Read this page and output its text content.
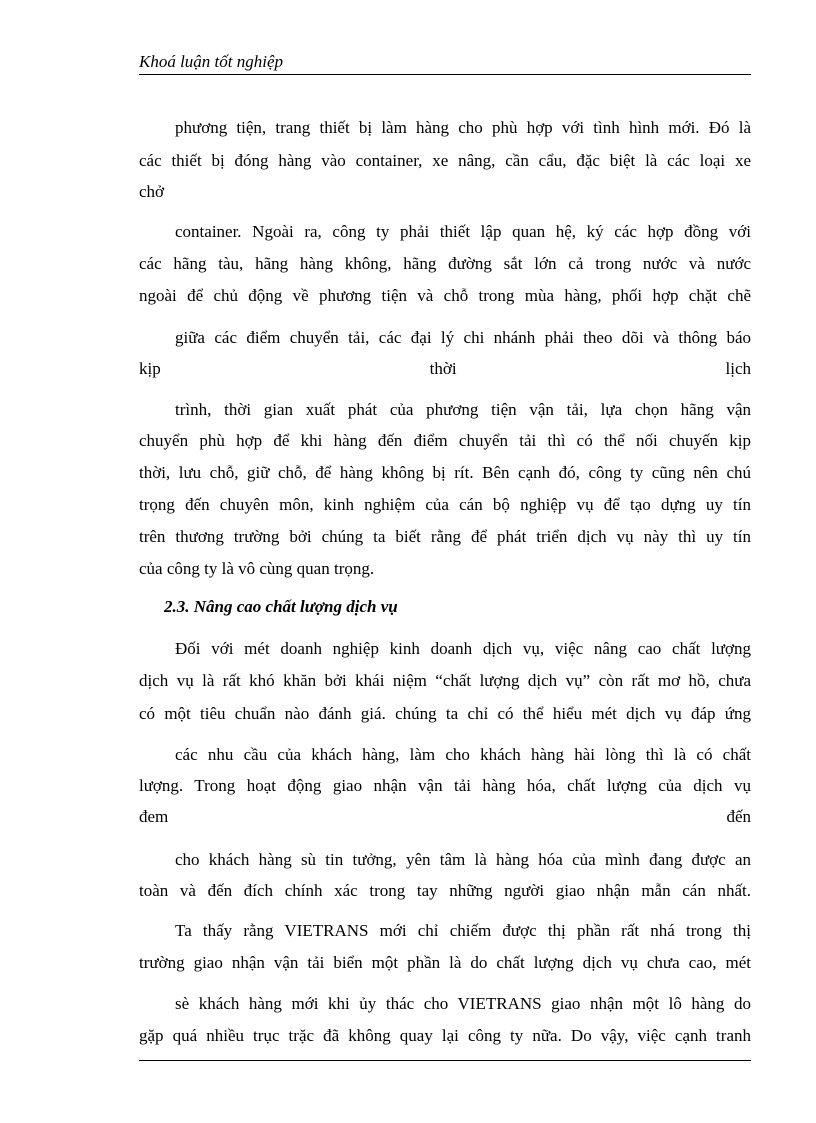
Khoá luận tốt nghiệp
phương tiện, trang thiết bị làm hàng cho phù hợp với tình hình mới. Đó là
các thiết bị đóng hàng vào container, xe nâng, cần cẩu, đặc biệt là các loại xe
chở
container. Ngoài ra, công ty phải thiết lập quan hệ, ký các hợp đồng với
các hãng tàu, hãng hàng không, hãng đường sắt lớn cả trong nước và nước
ngoài để chủ động về phương tiện và chỗ trong mùa hàng, phối hợp chặt chẽ
giữa các điểm chuyển tải, các đại lý chi nhánh phải theo dõi và thông báo
kịp thời lịch
trình, thời gian xuất phát của phương tiện vận tải, lựa chọn hãng vận
chuyển phù hợp để khi hàng đến điểm chuyển tải thì có thể nối chuyến kịp
thời, lưu chỗ, giữ chỗ, để hàng không bị rít. Bên cạnh đó, công ty cũng nên chú
trọng đến chuyên môn, kinh nghiệm của cán bộ nghiệp vụ để tạo dựng uy tín
trên thương trường bởi chúng ta biết rằng để phát triển dịch vụ này thì uy tín
của công ty là vô cùng quan trọng.
2.3. Nâng cao chất lượng dịch vụ
Đối với mét doanh nghiệp kinh doanh dịch vụ, việc nâng cao chất lượng
dịch vụ là rất khó khăn bởi khái niệm “chất lượng dịch vụ” còn rất mơ hồ, chưa
có một tiêu chuẩn nào đánh giá. chúng ta chỉ có thể hiểu mét dịch vụ đáp ứng
các nhu cầu của khách hàng, làm cho khách hàng hài lòng thì là có chất
lượng. Trong hoạt động giao nhận vận tải hàng hóa, chất lượng của dịch vụ
đem đến
cho khách hàng sù tin tưởng, yên tâm là hàng hóa của mình đang được an
toàn và đến đích chính xác trong tay những người giao nhận mẫn cán nhất.
Ta thấy rằng VIETRANS mới chỉ chiếm được thị phần rất nhá trong thị
trường giao nhận vận tải biển một phần là do chất lượng dịch vụ chưa cao, mét
sè khách hàng mới khi ủy thác cho VIETRANS giao nhận một lô hàng do
gặp quá nhiều trục trặc đã không quay lại công ty nữa. Do vậy, việc cạnh tranh
